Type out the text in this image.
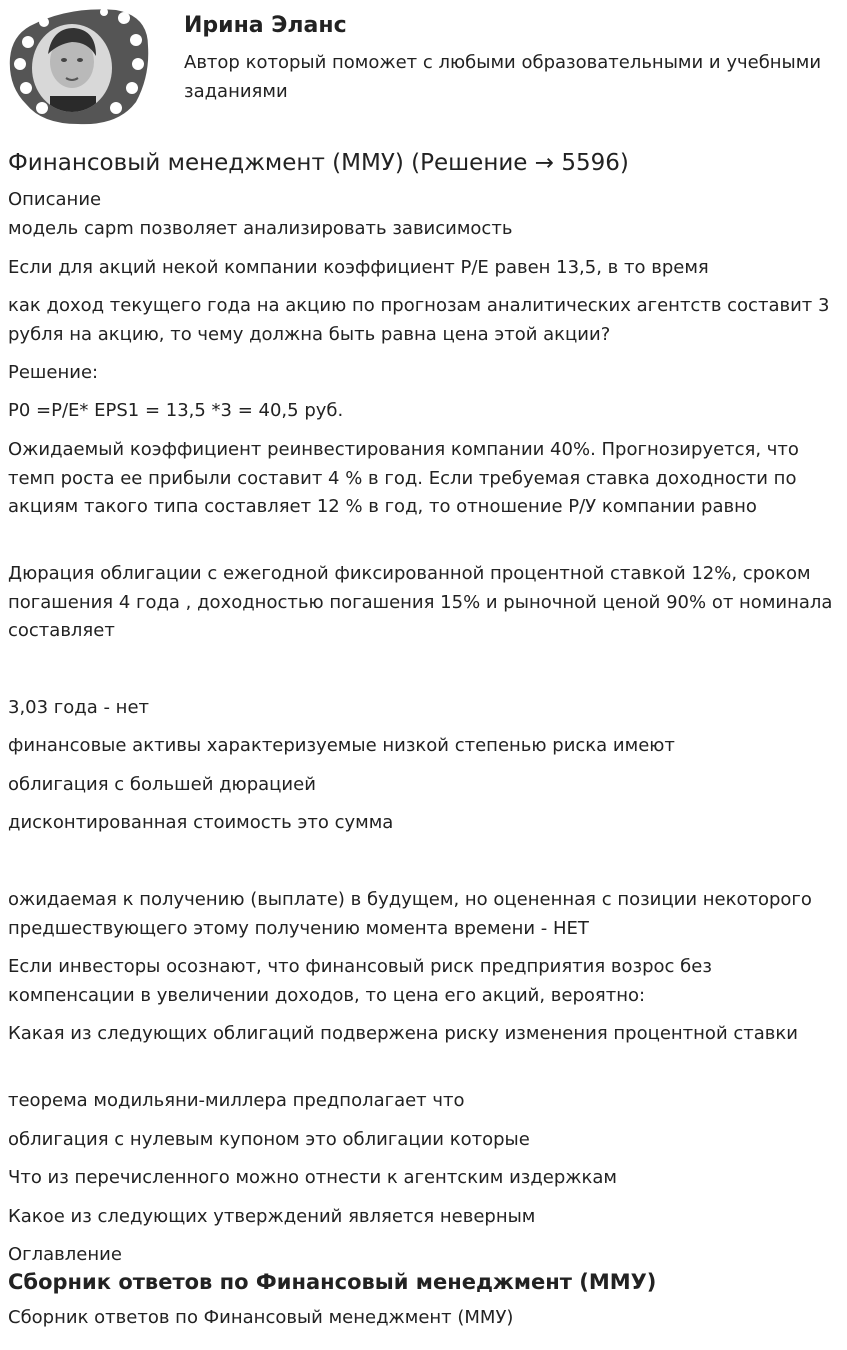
Ирина Эланс

Автор который поможет с любыми образовательными и учебными заданиями

Финансовый менеджмент (ММУ) (Решение → 5596)
Описание

модель capm позволяет анализировать зависимость

Если для акций некой компании коэффициент P/E равен 13,5, в то время

как доход текущего года на акцию по прогнозам аналитических агентств составит 3 рубля на акцию, то чему должна быть равна цена этой акции?

Решение:

P0 =P/E* EPS1 = 13,5 *3 = 40,5 руб.

Ожидаемый коэффициент реинвестирования компании 40%. Прогнозируется, что темп роста ее прибыли составит 4 % в год. Если требуемая ставка доходности по акциям такого типа составляет 12 % в год, то отношение Р/У компании равно

Дюрация облигации с ежегодной фиксированной процентной ставкой 12%, сроком погашения 4 года , доходностью погашения 15% и рыночной ценой 90% от номинала составляет

3,03 года - нет

финансовые активы характеризуемые низкой степенью риска имеют

облигация с большей дюрацией

дисконтированная стоимость это сумма

ожидаемая к получению (выплате) в будущем, но оцененная с позиции некоторого предшествующего этому получению момента времени - НЕТ

Если инвесторы осознают, что финансовый риск предприятия возрос без компенсации в увеличении доходов, то цена его акций, вероятно:

Какая из следующих облигаций подвержена риску изменения процентной ставки

теорема модильяни-миллера предполагает что

облигация с нулевым купоном это облигации которые

Что из перечисленного можно отнести к агентским издержкам

Какое из следующих утверждений является неверным

Оглавление
Сборник ответов по Финансовый менеджмент (ММУ)

Сборник ответов по Финансовый менеджмент (ММУ)
